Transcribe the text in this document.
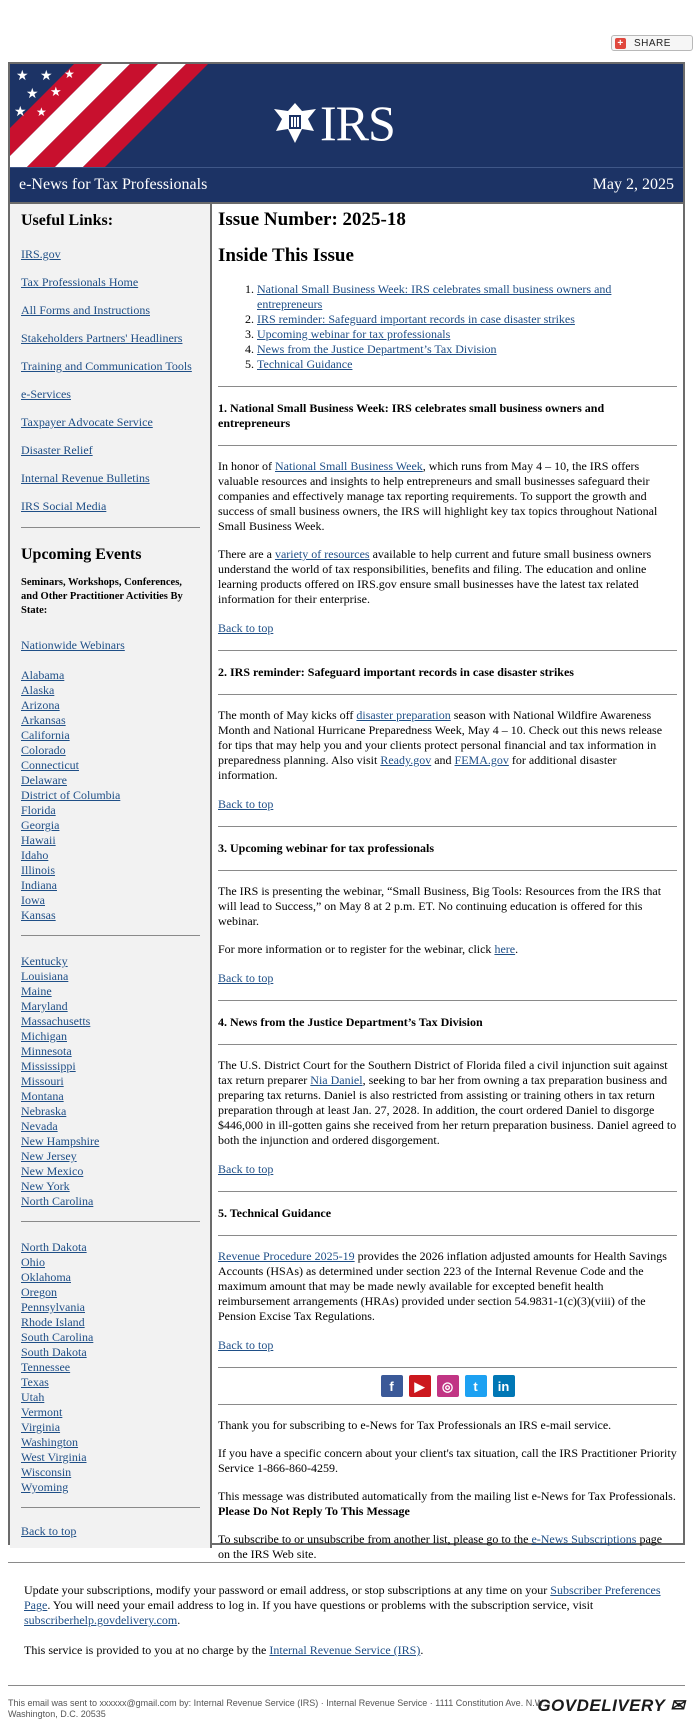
+ SHARE
★ ★ ★
★ ★
★ ★	IRS
e-News for Tax Professionals	May 2, 2025
Useful Links:
IRS.gov
Tax Professionals Home
All Forms and Instructions
Stakeholders Partners' Headliners
Training and Communication Tools
e-Services
Taxpayer Advocate Service
Disaster Relief
Internal Revenue Bulletins
IRS Social Media
Upcoming Events
Seminars, Workshops, Conferences, and Other Practitioner Activities By State:
Nationwide Webinars
Alabama
Alaska
Arizona
Arkansas
California
Colorado
Connecticut
Delaware
District of Columbia
Florida
Georgia
Hawaii
Idaho
Illinois
Indiana
Iowa
Kansas
Kentucky
Louisiana
Maine
Maryland
Massachusetts
Michigan
Minnesota
Mississippi
Missouri
Montana
Nebraska
Nevada
New Hampshire
New Jersey
New Mexico
New York
North Carolina
North Dakota
Ohio
Oklahoma
Oregon
Pennsylvania
Rhode Island
South Carolina
South Dakota
Tennessee
Texas
Utah
Vermont
Virginia
Washington
West Virginia
Wisconsin
Wyoming
Back to top
Issue Number: 2025-18
Inside This Issue
1. National Small Business Week: IRS celebrates small business owners and entrepreneurs
2. IRS reminder: Safeguard important records in case disaster strikes
3. Upcoming webinar for tax professionals
4. News from the Justice Department’s Tax Division
5. Technical Guidance
1. National Small Business Week: IRS celebrates small business owners and entrepreneurs

In honor of National Small Business Week, which runs from May 4 – 10, the IRS offers valuable resources and insights to help entrepreneurs and small businesses safeguard their companies and effectively manage tax reporting requirements. To support the growth and success of small business owners, the IRS will highlight key tax topics throughout National Small Business Week.

There are a variety of resources available to help current and future small business owners understand the world of tax responsibilities, benefits and filing. The education and online learning products offered on IRS.gov ensure small businesses have the latest tax related information for their enterprise.

Back to top
2. IRS reminder: Safeguard important records in case disaster strikes

The month of May kicks off disaster preparation season with National Wildfire Awareness Month and National Hurricane Preparedness Week, May 4 – 10. Check out this news release for tips that may help you and your clients protect personal financial and tax information in preparedness planning. Also visit Ready.gov and FEMA.gov for additional disaster information.

Back to top
3. Upcoming webinar for tax professionals

The IRS is presenting the webinar, “Small Business, Big Tools: Resources from the IRS that will lead to Success,” on May 8 at 2 p.m. ET. No continuing education is offered for this webinar.

For more information or to register for the webinar, click here.

Back to top
4. News from the Justice Department’s Tax Division

The U.S. District Court for the Southern District of Florida filed a civil injunction suit against tax return preparer Nia Daniel, seeking to bar her from owning a tax preparation business and preparing tax returns. Daniel is also restricted from assisting or training others in tax return preparation through at least Jan. 27, 2028. In addition, the court ordered Daniel to disgorge $446,000 in ill-gotten gains she received from her return preparation business. Daniel agreed to both the injunction and ordered disgorgement.

Back to top
5. Technical Guidance

Revenue Procedure 2025-19 provides the 2026 inflation adjusted amounts for Health Savings Accounts (HSAs) as determined under section 223 of the Internal Revenue Code and the maximum amount that may be made newly available for excepted benefit health reimbursement arrangements (HRAs) provided under section 54.9831-1(c)(3)(viii) of the Pension Excise Tax Regulations.

Back to top
f	▶	◎	t	in

Thank you for subscribing to e-News for Tax Professionals an IRS e-mail service.

If you have a specific concern about your client's tax situation, call the IRS Practitioner Priority Service 1-866-860-4259.

This message was distributed automatically from the mailing list e-News for Tax Professionals.
Please Do Not Reply To This Message

To subscribe to or unsubscribe from another list, please go to the e-News Subscriptions page on the IRS Web site.

Update your subscriptions, modify your password or email address, or stop subscriptions at any time on your Subscriber Preferences Page. You will need your email address to log in. If you have questions or problems with the subscription service, visit subscriberhelp.govdelivery.com.

This service is provided to you at no charge by the Internal Revenue Service (IRS).

This email was sent to xxxxxx@gmail.com by: Internal Revenue Service (IRS) · Internal Revenue Service · 1111 Constitution Ave. N.W. · Washington, D.C. 20535	GOVDELIVERY ✉
